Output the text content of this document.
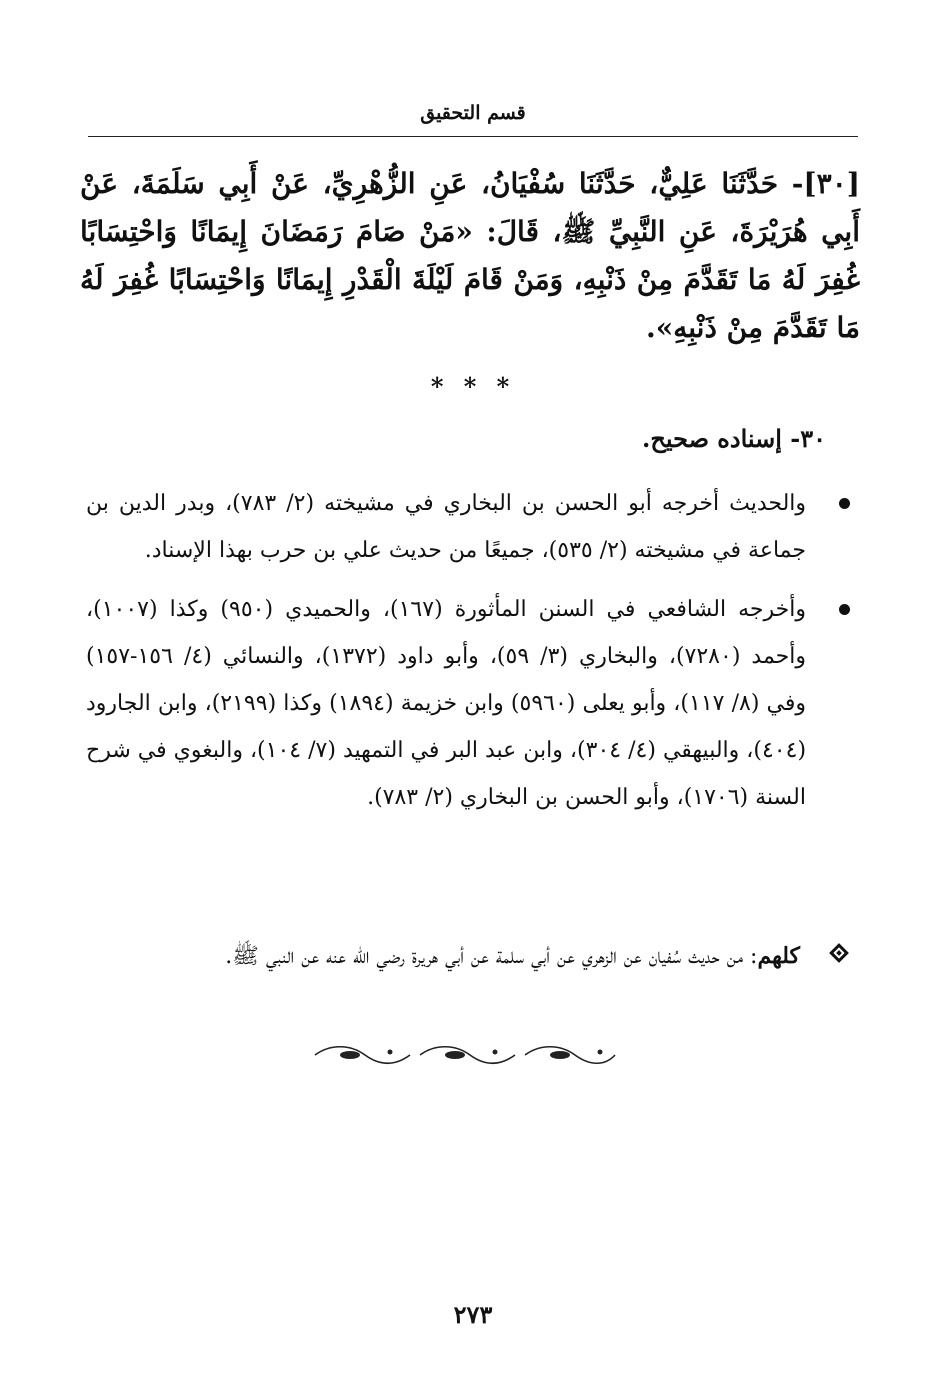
قسم التحقيق
[٣٠]- حَدَّثَنَا عَلِيٌّ، حَدَّثَنَا سُفْيَانُ، عَنِ الزُّهْرِيِّ، عَنْ أَبِي سَلَمَةَ، عَنْ أَبِي هُرَيْرَةَ، عَنِ النَّبِيِّ ﷺ، قَالَ: «مَنْ صَامَ رَمَضَانَ إِيمَانًا وَاحْتِسَابًا غُفِرَ لَهُ مَا تَقَدَّمَ مِنْ ذَنْبِهِ، وَمَنْ قَامَ لَيْلَةَ الْقَدْرِ إِيمَانًا وَاحْتِسَابًا غُفِرَ لَهُ مَا تَقَدَّمَ مِنْ ذَنْبِهِ».
* * *
٣٠- إسناده صحيح.
والحديث أخرجه أبو الحسن بن البخاري في مشيخته (٢/ ٧٨٣)، وبدر الدين بن جماعة في مشيخته (٢/ ٥٣٥)، جميعًا من حديث علي بن حرب بهذا الإسناد.
وأخرجه الشافعي في السنن المأثورة (١٦٧)، والحميدي (٩٥٠) وكذا (١٠٠٧)، وأحمد (٧٢٨٠)، والبخاري (٣/ ٥٩)، وأبو داود (١٣٧٢)، والنسائي (٤/ ١٥٦-١٥٧) وفي (٨/ ١١٧)، وأبو يعلى (٥٩٦٠) وابن خزيمة (١٨٩٤) وكذا (٢١٩٩)، وابن الجارود (٤٠٤)، والبيهقي (٤/ ٣٠٤)، وابن عبد البر في التمهيد (٧/ ١٠٤)، والبغوي في شرح السنة (١٧٠٦)، وأبو الحسن بن البخاري (٢/ ٧٨٣).
كلهم: من حديث سُفيان عن الزهري عن أبي سلمة عن أبي هريرة رضي الله عنه عن النبي ﷺ.
٢٧٣
